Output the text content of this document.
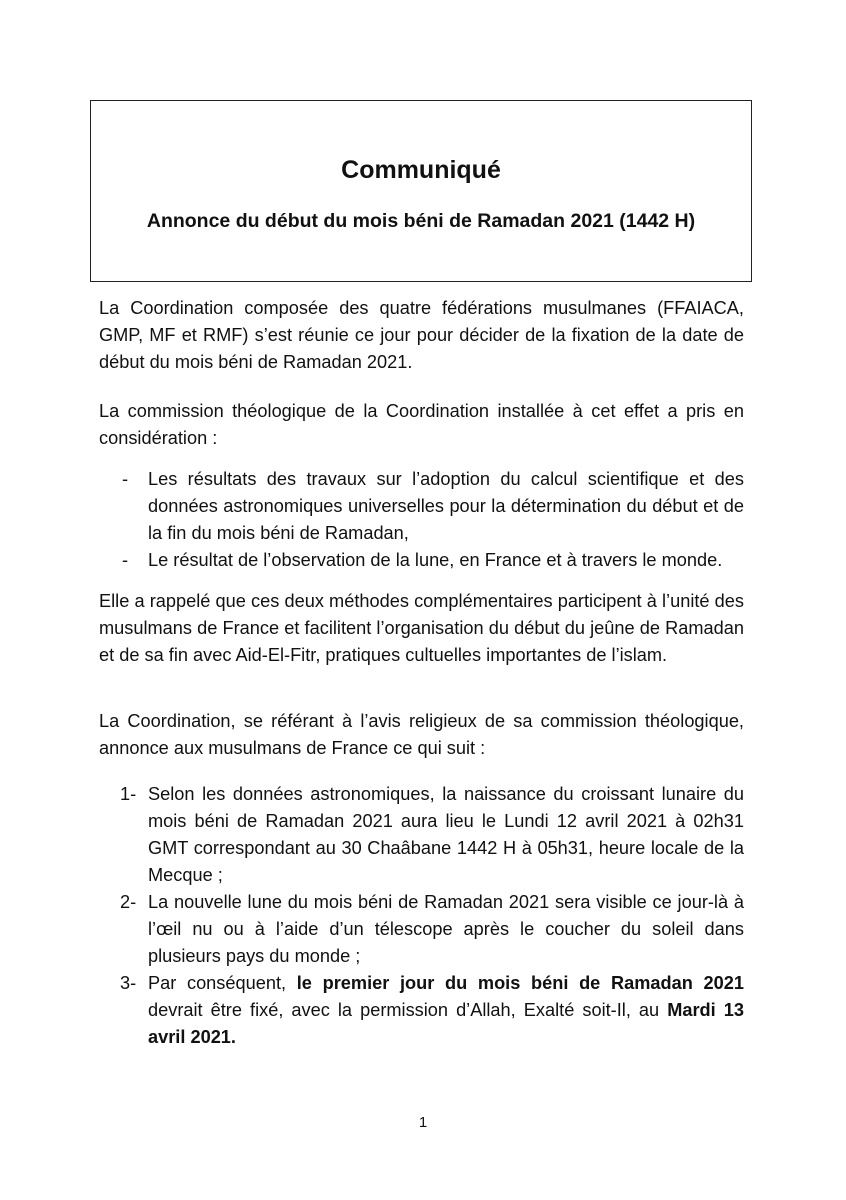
Communiqué
Annonce du début du mois béni de Ramadan 2021 (1442 H)

La Coordination composée des quatre fédérations musulmanes (FFAIACA, GMP, MF et RMF) s’est réunie ce jour pour décider de la fixation de la date de début du mois béni de Ramadan 2021.

La commission théologique de la Coordination installée à cet effet a pris en considération :

- Les résultats des travaux sur l’adoption du calcul scientifique et des données astronomiques universelles pour la détermination du début et de la fin du mois béni de Ramadan,
- Le résultat de l’observation de la lune, en France et à travers le monde.

Elle a rappelé que ces deux méthodes complémentaires participent à l’unité des musulmans de France et facilitent l’organisation du début du jeûne de Ramadan et de sa fin avec Aid-El-Fitr, pratiques cultuelles importantes de l’islam.

La Coordination, se référant à l’avis religieux de sa commission théologique, annonce aux musulmans de France ce qui suit :

1- Selon les données astronomiques, la naissance du croissant lunaire du mois béni de Ramadan 2021 aura lieu le Lundi 12 avril 2021 à 02h31 GMT correspondant au 30 Chaâbane 1442 H à 05h31, heure locale de la Mecque ;
2- La nouvelle lune du mois béni de Ramadan 2021 sera visible ce jour-là à l’œil nu ou à l’aide d’un télescope après le coucher du soleil dans plusieurs pays du monde ;
3- Par conséquent, le premier jour du mois béni de Ramadan 2021 devrait être fixé, avec la permission d’Allah, Exalté soit-Il, au Mardi 13 avril 2021.
1
